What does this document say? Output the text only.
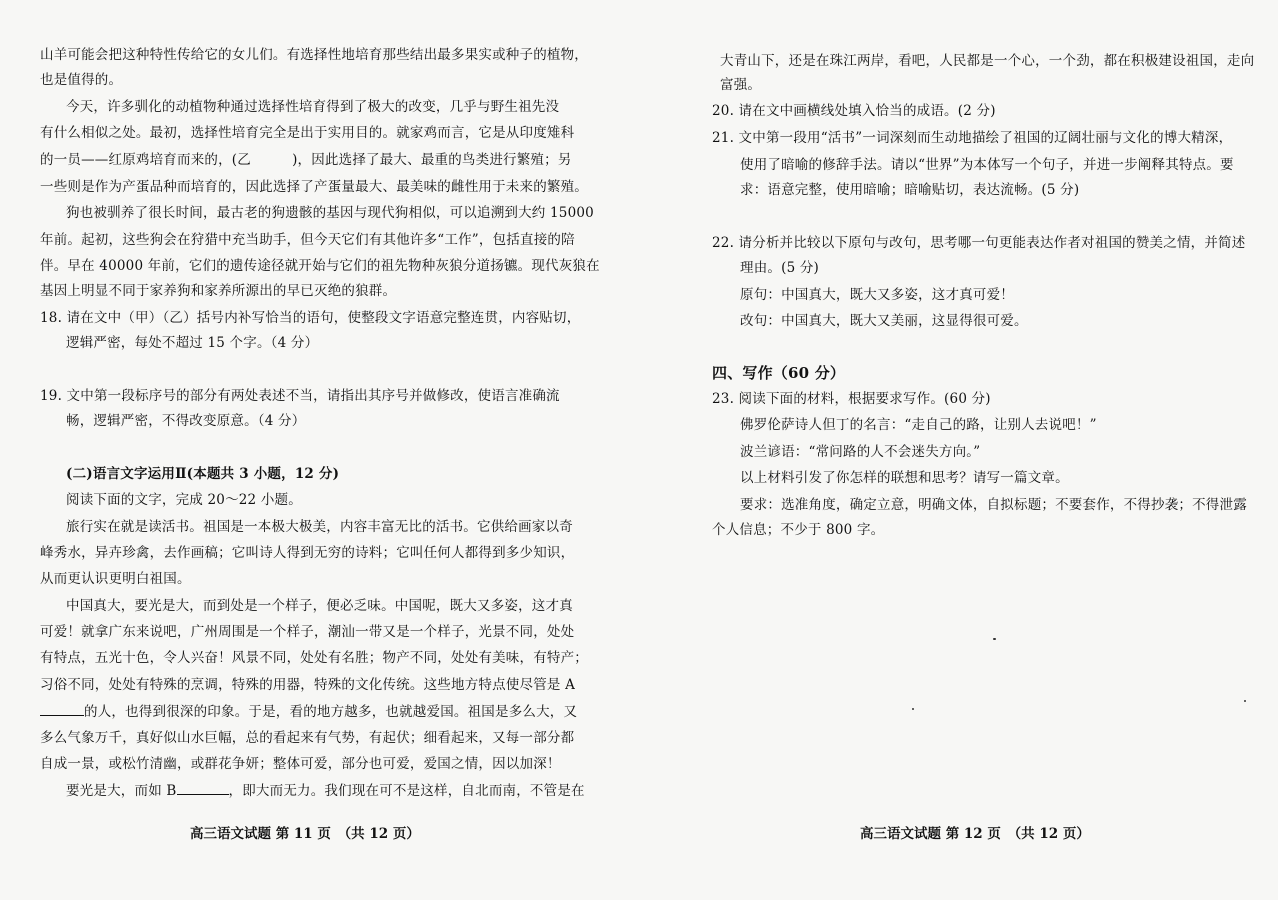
山羊可能会把这种特性传给它的女儿们。有选择性地培育那些结出最多果实或种子的植物，
也是值得的。
今天，许多驯化的动植物种通过选择性培育得到了极大的改变，几乎与野生祖先没
有什么相似之处。最初，选择性培育完全是出于实用目的。就家鸡而言，它是从印度雉科
的一员——红原鸡培育而来的，(乙　　　)，因此选择了最大、最重的鸟类进行繁殖；另
一些则是作为产蛋品种而培育的，因此选择了产蛋量最大、最美味的雌性用于未来的繁殖。
狗也被驯养了很长时间，最古老的狗遗骸的基因与现代狗相似，可以追溯到大约 15000
年前。起初，这些狗会在狩猎中充当助手，但今天它们有其他许多“工作”，包括直接的陪
伴。早在 40000 年前，它们的遗传途径就开始与它们的祖先物种灰狼分道扬镳。现代灰狼在
基因上明显不同于家养狗和家养所源出的早已灭绝的狼群。
18. 请在文中（甲）（乙）括号内补写恰当的语句，使整段文字语意完整连贯，内容贴切，
逻辑严密，每处不超过 15 个字。（4 分）
19. 文中第一段标序号的部分有两处表述不当，请指出其序号并做修改，使语言准确流
畅，逻辑严密，不得改变原意。（4 分）
(二)语言文字运用Ⅱ(本题共 3 小题，12 分)
阅读下面的文字，完成 20～22 小题。
旅行实在就是读活书。祖国是一本极大极美，内容丰富无比的活书。它供给画家以奇
峰秀水，异卉珍禽，去作画稿；它叫诗人得到无穷的诗料；它叫任何人都得到多少知识，
从而更认识更明白祖国。
中国真大，要光是大，而到处是一个样子，便必乏味。中国呢，既大又多姿，这才真
可爱！就拿广东来说吧，广州周围是一个样子，潮汕一带又是一个样子，光景不同，处处
有特点，五光十色，令人兴奋！风景不同，处处有名胜；物产不同，处处有美味，有特产；
习俗不同，处处有特殊的烹调，特殊的用器，特殊的文化传统。这些地方特点使尽管是 A
的人，也得到很深的印象。于是，看的地方越多，也就越爱国。祖国是多么大，又
多么气象万千，真好似山水巨幅，总的看起来有气势，有起伏；细看起来，又每一部分都
自成一景，或松竹清幽，或群花争妍；整体可爱，部分也可爱，爱国之情，因以加深！
要光是大，而如 B	，即大而无力。我们现在可不是这样，自北而南，不管是在
高三语文试题 第 11 页　（共 12 页）
大青山下，还是在珠江两岸，看吧，人民都是一个心，一个劲，都在积极建设祖国，走向
富强。
20. 请在文中画横线处填入恰当的成语。(2 分)
21. 文中第一段用“活书”一词深刻而生动地描绘了祖国的辽阔壮丽与文化的博大精深，
使用了暗喻的修辞手法。请以“世界”为本体写一个句子，并进一步阐释其特点。要
求：语意完整，使用暗喻；暗喻贴切，表达流畅。(5 分)
22. 请分析并比较以下原句与改句，思考哪一句更能表达作者对祖国的赞美之情，并简述
理由。(5 分)
原句：中国真大，既大又多姿，这才真可爱！
改句：中国真大，既大又美丽，这显得很可爱。
四、写作（60 分）
23. 阅读下面的材料，根据要求写作。(60 分)
佛罗伦萨诗人但丁的名言：“走自己的路，让别人去说吧！”
波兰谚语：“常问路的人不会迷失方向。”
以上材料引发了你怎样的联想和思考？请写一篇文章。
要求：选准角度，确定立意，明确文体，自拟标题；不要套作，不得抄袭；不得泄露
个人信息；不少于 800 字。
高三语文试题 第 12 页　（共 12 页）
